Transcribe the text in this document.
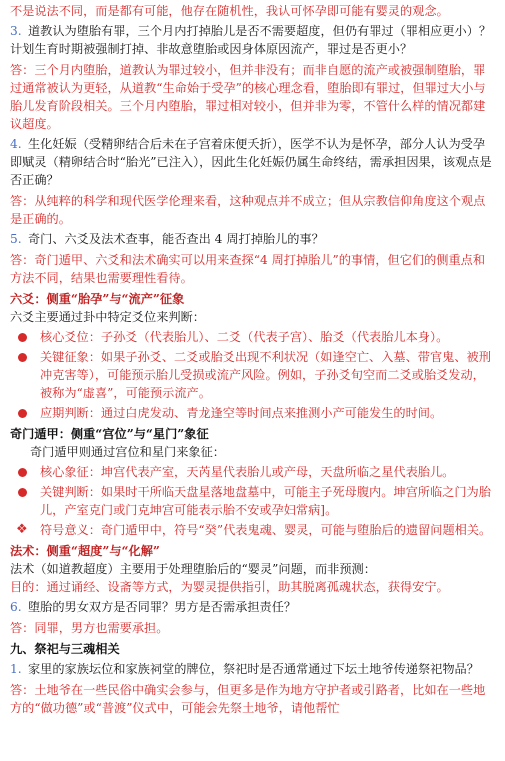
不是说法不同，而是都有可能，他存在随机性，我认可怀孕即可能有婴灵的观念。

3. 道教认为堕胎有罪，三个月内打掉胎儿是否不需要超度，但仍有罪过（罪相应更小）？计划生育时期被强制打掉、非故意堕胎或因身体原因流产，罪过是否更小？

答：三个月内堕胎，道教认为罪过较小，但并非没有；而非自愿的流产或被强制堕胎，罪过通常被认为更轻，从道教“生命始于受孕”的核心理念看，堕胎即有罪过，但罪过大小与胎儿发育阶段相关。三个月内堕胎，罪过相对较小，但并非为零，不管什么样的情况都建议超度。

4. 生化妊娠（受精卵结合后未在子宫着床便夭折），医学不认为是怀孕，部分人认为受孕即赋灵（精卵结合时“胎光”已注入），因此生化妊娠仍属生命终结，需承担因果，该观点是否正确？

答：从纯粹的科学和现代医学伦理来看，这种观点并不成立；但从宗教信仰角度这个观点是正确的。

5. 奇门、六爻及法术查事，能否查出 4 周打掉胎儿的事？

答：奇门遁甲、六爻和法术确实可以用来查探“4 周打掉胎儿”的事情，但它们的侧重点和方法不同，结果也需要理性看待。

六爻：侧重“胎孕”与“流产”征象

六爻主要通过卦中特定爻位来判断：

核心爻位：子孙爻（代表胎儿）、二爻（代表子宫）、胎爻（代表胎儿本身）。
关键征象：如果子孙爻、二爻或胎爻出现不利状况（如逢空亡、入墓、带官鬼、被刑冲克害等），可能预示胎儿受损或流产风险。例如，子孙爻旬空而二爻或胎爻发动，被称为“虚喜”，可能预示流产。
应期判断：通过白虎发动、青龙逢空等时间点来推测小产可能发生的时间。

奇门遁甲：侧重“宫位”与“星门”象征

奇门遁甲则通过宫位和星门来象征：

核心象征：坤宫代表产室，天芮星代表胎儿或产母，天盘所临之星代表胎儿。
关键判断：如果时干所临天盘星落地盘墓中，可能主子死母腹内。坤宫所临之门为胎儿，产室克门或门克坤宫可能表示胎不安或孕妇常病]。
❖ 符号意义：奇门遁甲中，符号“癸”代表鬼魂、婴灵，可能与堕胎后的遗留问题相关。

法术：侧重“超度”与“化解”

法术（如道教超度）主要用于处理堕胎后的“婴灵”问题，而非预测：

目的：通过诵经、设斋等方式，为婴灵提供指引，助其脱离孤魂状态，获得安宁。

6. 堕胎的男女双方是否同罪？男方是否需承担责任？

答：同罪，男方也需要承担。

九、祭祀与三魂相关

1. 家里的家族坛位和家族祠堂的牌位，祭祀时是否通常通过下坛土地爷传递祭祀物品？

答：土地爷在一些民俗中确实会参与，但更多是作为地方守护者或引路者，比如在一些地方的“做功德”或“普渡”仪式中，可能会先祭土地爷，请他帮忙
